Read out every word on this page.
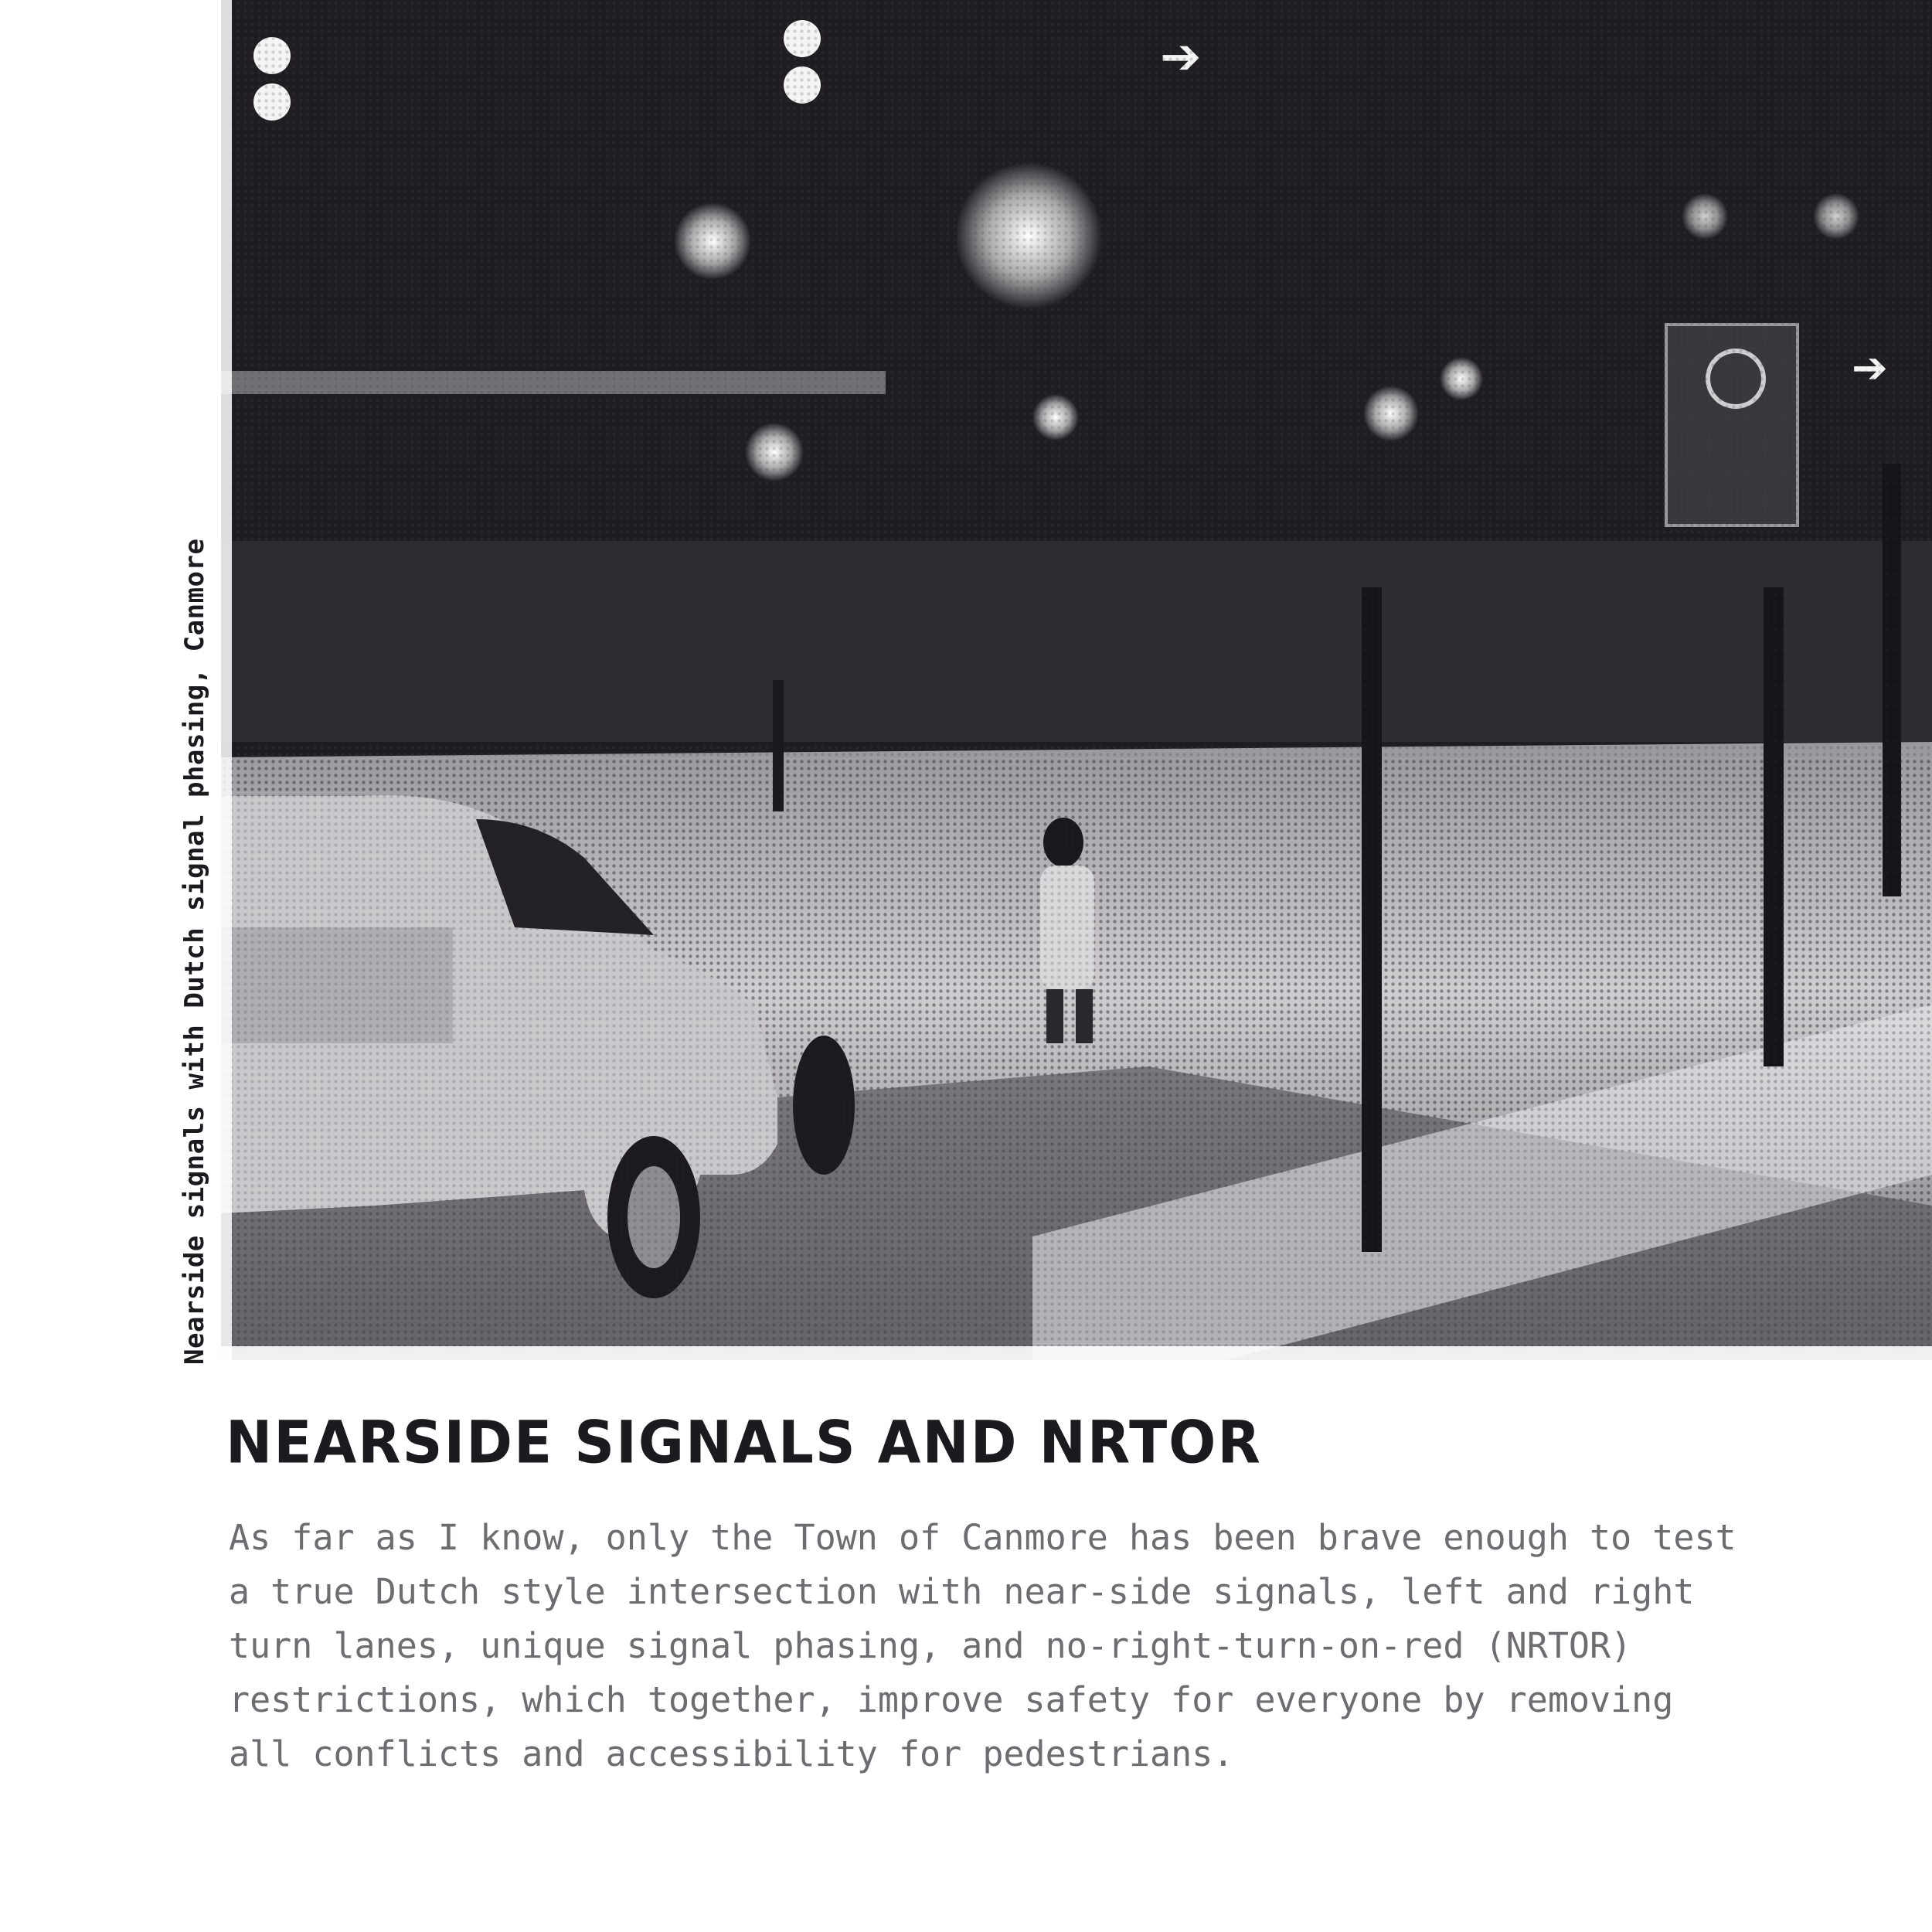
➔
➔
Nearside signals with Dutch signal phasing, Canmore
NEARSIDE SIGNALS AND NRTOR
As far as I know, only the Town of Canmore has been brave enough to test a true Dutch style intersection with near-side signals, left and right turn lanes, unique signal phasing, and no-right-turn-on-red (NRTOR) restrictions, which together, improve safety for everyone by removing all conflicts and accessibility for pedestrians.
